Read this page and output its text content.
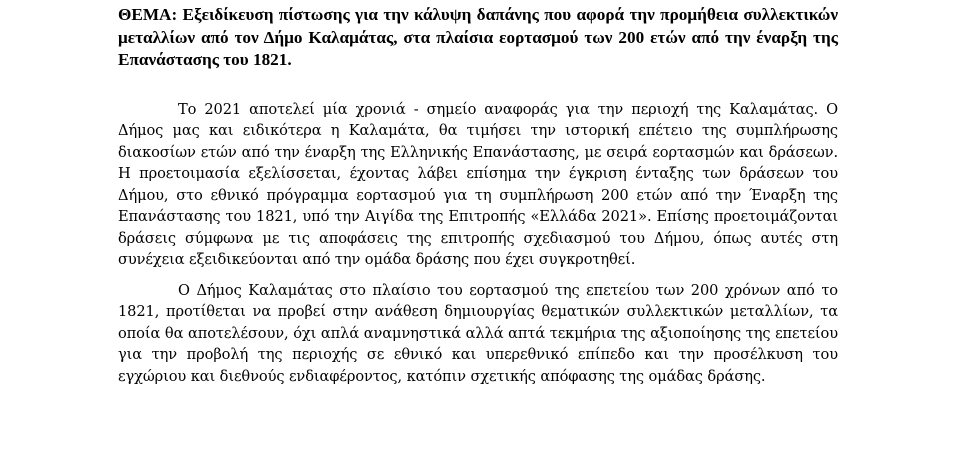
ΘΕΜΑ: Εξειδίκευση πίστωσης για την κάλυψη δαπάνης που αφορά την προμήθεια συλλεκτικών μεταλλίων από τον Δήμο Καλαμάτας, στα πλαίσια εορτασμού των 200 ετών από την έναρξη της Επανάστασης του 1821.

Το 2021 αποτελεί μία χρονιά - σημείο αναφοράς για την περιοχή της Καλαμάτας. Ο Δήμος μας και ειδικότερα η Καλαμάτα, θα τιμήσει την ιστορική επέτειο της συμπλήρωσης διακοσίων ετών από την έναρξη της Ελληνικής Επανάστασης, με σειρά εορτασμών και δράσεων. Η προετοιμασία εξελίσσεται, έχοντας λάβει επίσημα την έγκριση ένταξης των δράσεων του Δήμου, στο εθνικό πρόγραμμα εορτασμού για τη συμπλήρωση 200 ετών από την Έναρξη της Επανάστασης του 1821, υπό την Αιγίδα της Επιτροπής «Ελλάδα 2021». Επίσης προετοιμάζονται δράσεις σύμφωνα με τις αποφάσεις της επιτροπής σχεδιασμού του Δήμου, όπως αυτές στη συνέχεια εξειδικεύονται από την ομάδα δράσης που έχει συγκροτηθεί.

Ο Δήμος Καλαμάτας στο πλαίσιο του εορτασμού της επετείου των 200 χρόνων από το 1821, προτίθεται να προβεί στην ανάθεση δημιουργίας θεματικών συλλεκτικών μεταλλίων, τα οποία θα αποτελέσουν, όχι απλά αναμνηστικά αλλά απτά τεκμήρια της αξιοποίησης της επετείου για την προβολή της περιοχής σε εθνικό και υπερεθνικό επίπεδο και την προσέλκυση του εγχώριου και διεθνούς ενδιαφέροντος, κατόπιν σχετικής απόφασης της ομάδας δράσης.
